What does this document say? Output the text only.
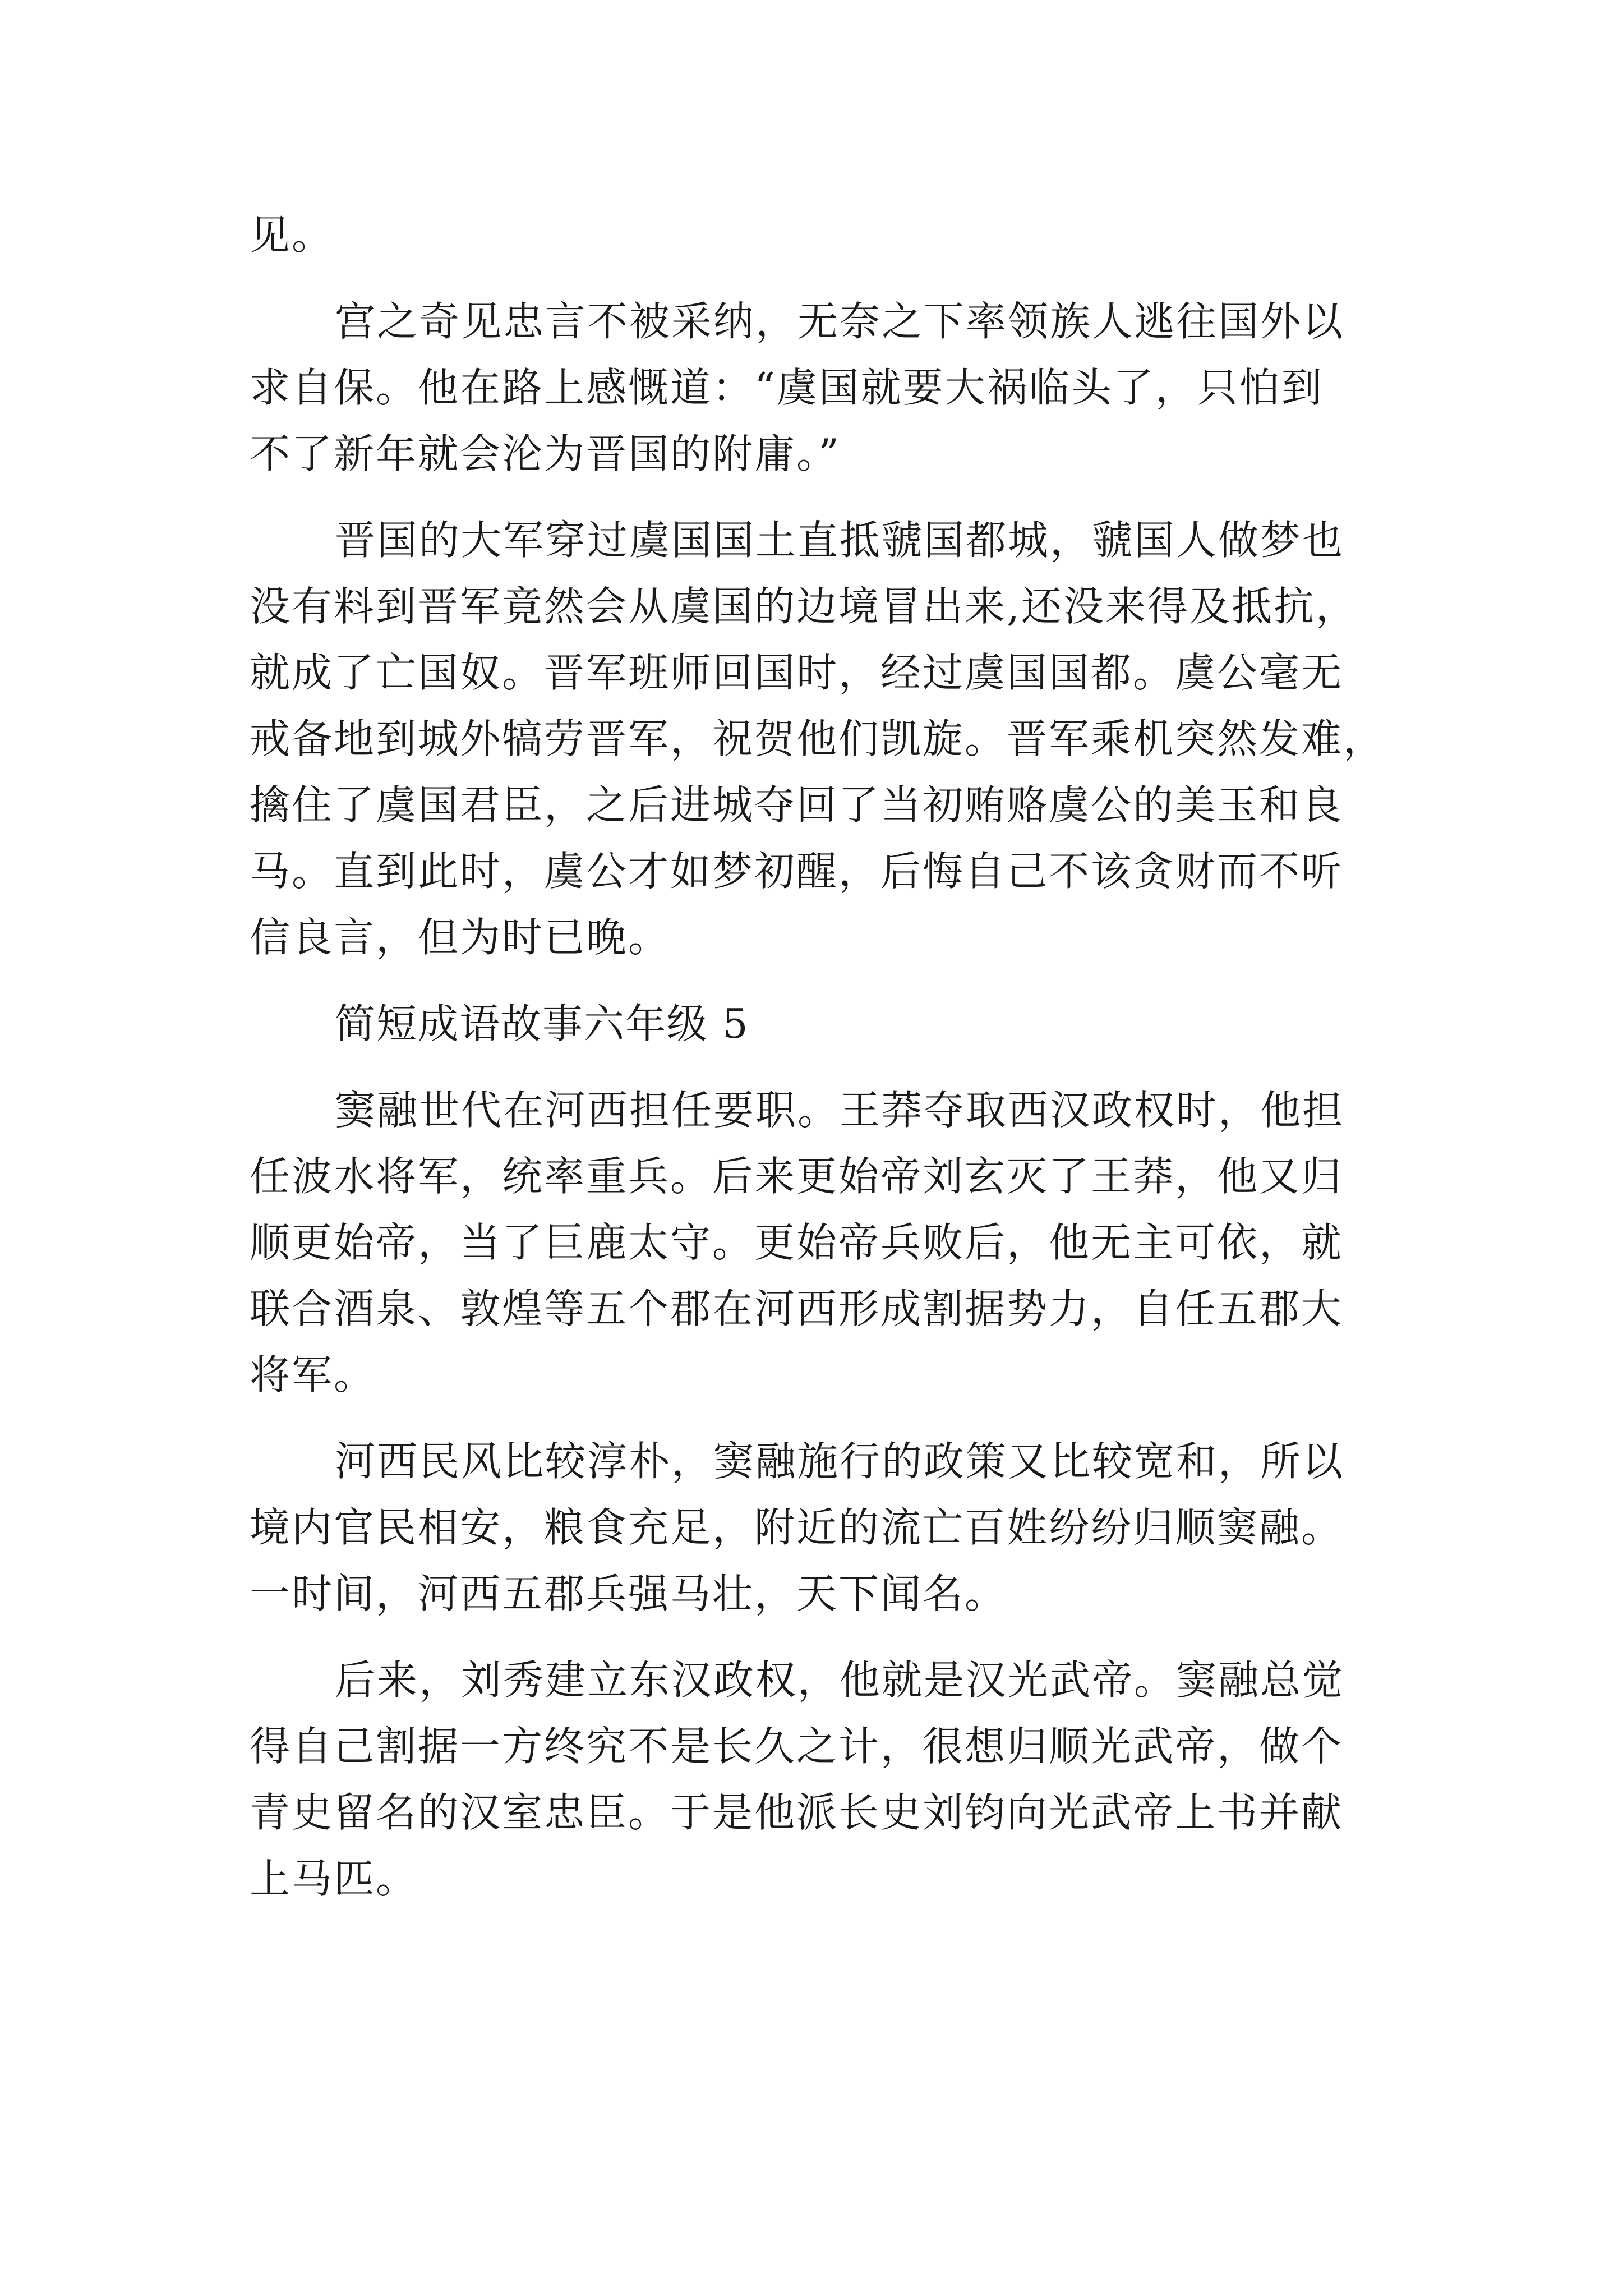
见。
宫之奇见忠言不被采纳，无奈之下率领族人逃往国外以
求自保。他在路上感慨道：“虞国就要大祸临头了，只怕到
不了新年就会沦为晋国的附庸。”
晋国的大军穿过虞国国土直抵虢国都城，虢国人做梦也
没有料到晋军竟然会从虞国的边境冒出来,还没来得及抵抗，
就成了亡国奴。晋军班师回国时，经过虞国国都。虞公毫无
戒备地到城外犒劳晋军，祝贺他们凯旋。晋军乘机突然发难，
擒住了虞国君臣，之后进城夺回了当初贿赂虞公的美玉和良
马。直到此时，虞公才如梦初醒，后悔自己不该贪财而不听
信良言，但为时已晚。
简短成语故事六年级 5
窦融世代在河西担任要职。王莽夺取西汉政权时，他担
任波水将军，统率重兵。后来更始帝刘玄灭了王莽，他又归
顺更始帝，当了巨鹿太守。更始帝兵败后，他无主可依，就
联合酒泉、敦煌等五个郡在河西形成割据势力，自任五郡大
将军。
河西民风比较淳朴，窦融施行的政策又比较宽和，所以
境内官民相安，粮食充足，附近的流亡百姓纷纷归顺窦融。
一时间，河西五郡兵强马壮，天下闻名。
后来，刘秀建立东汉政权，他就是汉光武帝。窦融总觉
得自己割据一方终究不是长久之计，很想归顺光武帝，做个
青史留名的汉室忠臣。于是他派长史刘钧向光武帝上书并献
上马匹。
